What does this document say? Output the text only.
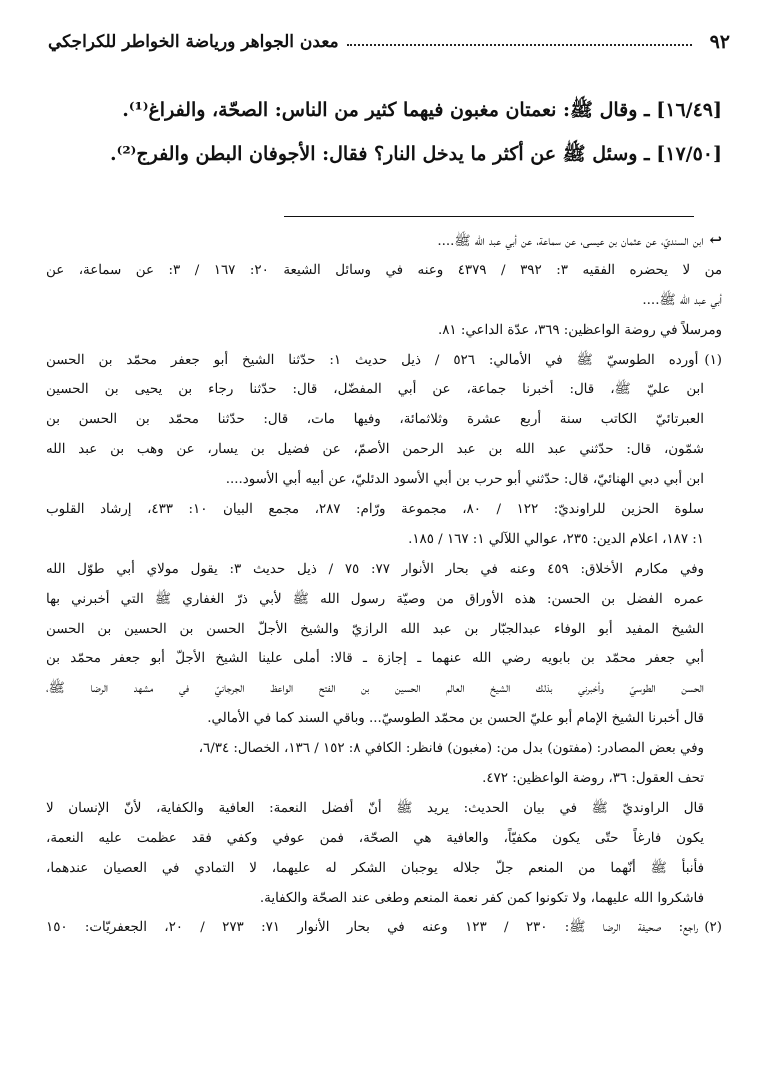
٩٢
معدن الجواهر ورياضة الخواطر للكراجكي

[١٦/٤٩] ـ وقال ﷺ: نعمتان مغبون فيهما كثير من الناس: الصحّة، والفراغ⁽¹⁾.

[١٧/٥٠] ـ وسئل ﷺ عن أكثر ما يدخل النار؟ فقال: الأجوفان البطن والفرج⁽²⁾.

↩ابن السنديّ، عن عثمان بن عيسى، عن سماعة، عن أبي عبد الله ﷺ....
من لا يحضره الفقيه ٣: ٣٩٢ / ٤٣٧٩ وعنه في وسائل الشيعة ٢٠: ١٦٧ / ٣: عن سماعة، عن
أبي عبد الله ﷺ....
ومرسلاً في روضة الواعظين: ٣٦٩، عدّة الداعي: ٨١.
(١)أورده الطوسيّ ﷺ في الأمالي: ٥٢٦ / ذيل حديث ١: حدّثنا الشيخ أبو جعفر محمّد بن الحسن
ابن عليّ ﷺ، قال: أخبرنا جماعة، عن أبي المفضّل، قال: حدّثنا رجاء بن يحيى بن الحسين
العبرتائيّ الكاتب سنة أربع عشرة وثلاثمائة، وفيها مات، قال: حدّثنا محمّد بن الحسن بن
شمّون، قال: حدّثني عبد الله بن عبد الرحمن الأصمّ، عن فضيل بن يسار، عن وهب بن عبد الله
ابن أبي دبي الهنائيّ، قال: حدّثني أبو حرب بن أبي الأسود الدئليّ، عن أبيه أبي الأسود....
سلوة الحزين للراونديّ: ١٢٢ / ٨٠، مجموعة ورّام: ٢٨٧، مجمع البيان ١٠: ٤٣٣، إرشاد القلوب
١: ١٨٧، اعلام الدين: ٢٣٥، عوالي اللآلي ١: ١٦٧ / ١٨٥.
وفي مكارم الأخلاق: ٤٥٩ وعنه في بحار الأنوار ٧٧: ٧٥ / ذيل حديث ٣: يقول مولاي أبي طوّل الله
عمره الفضل بن الحسن: هذه الأوراق من وصيّة رسول الله ﷺ لأبي ذرّ الغفاري ﷺ التي أخبرني بها
الشيخ المفيد أبو الوفاء عبدالجبّار بن عبد الله الرازيّ والشيخ الأجلّ الحسن بن الحسين بن الحسن
أبي جعفر محمّد بن بابويه رضي الله عنهما ـ إجازة ـ قالا: أملى علينا الشيخ الأجلّ أبو جعفر محمّد بن
الحسن الطوسيّ وأخبرني بذلك الشيخ العالم الحسين بن الفتح الواعظ الجرجانيّ في مشهد الرضا ﷺ،
قال أخبرنا الشيخ الإمام أبو عليّ الحسن بن محمّد الطوسيّ... وباقي السند كما في الأمالي.
وفي بعض المصادر: (مفتون) بدل من: (مغبون) فانظر: الكافي ٨: ١٥٢ / ١٣٦، الخصال: ٦/٣٤،
تحف العقول: ٣٦، روضة الواعظين: ٤٧٢.
قال الراونديّ ﷺ في بيان الحديث: يريد ﷺ أنّ أفضل النعمة: العافية والكفاية، لأنّ الإنسان لا
يكون فارغاً حتّى يكون مكفيّاً، والعافية هي الصحّة، فمن عوفي وكفي فقد عظمت عليه النعمة،
فأنبأ ﷺ أنّهما من المنعم جلّ جلاله يوجبان الشكر له عليهما، لا التمادي في العصيان عندهما،
فاشكروا الله عليهما، ولا تكونوا كمن كفر نعمة المنعم وطغى عند الصحّة والكفاية.
(٢)راجع: صحيفة الرضا ﷺ: ٢٣٠ / ١٢٣ وعنه في بحار الأنوار ٧١: ٢٧٣ / ٢٠، الجعفريّات: ١٥٠
